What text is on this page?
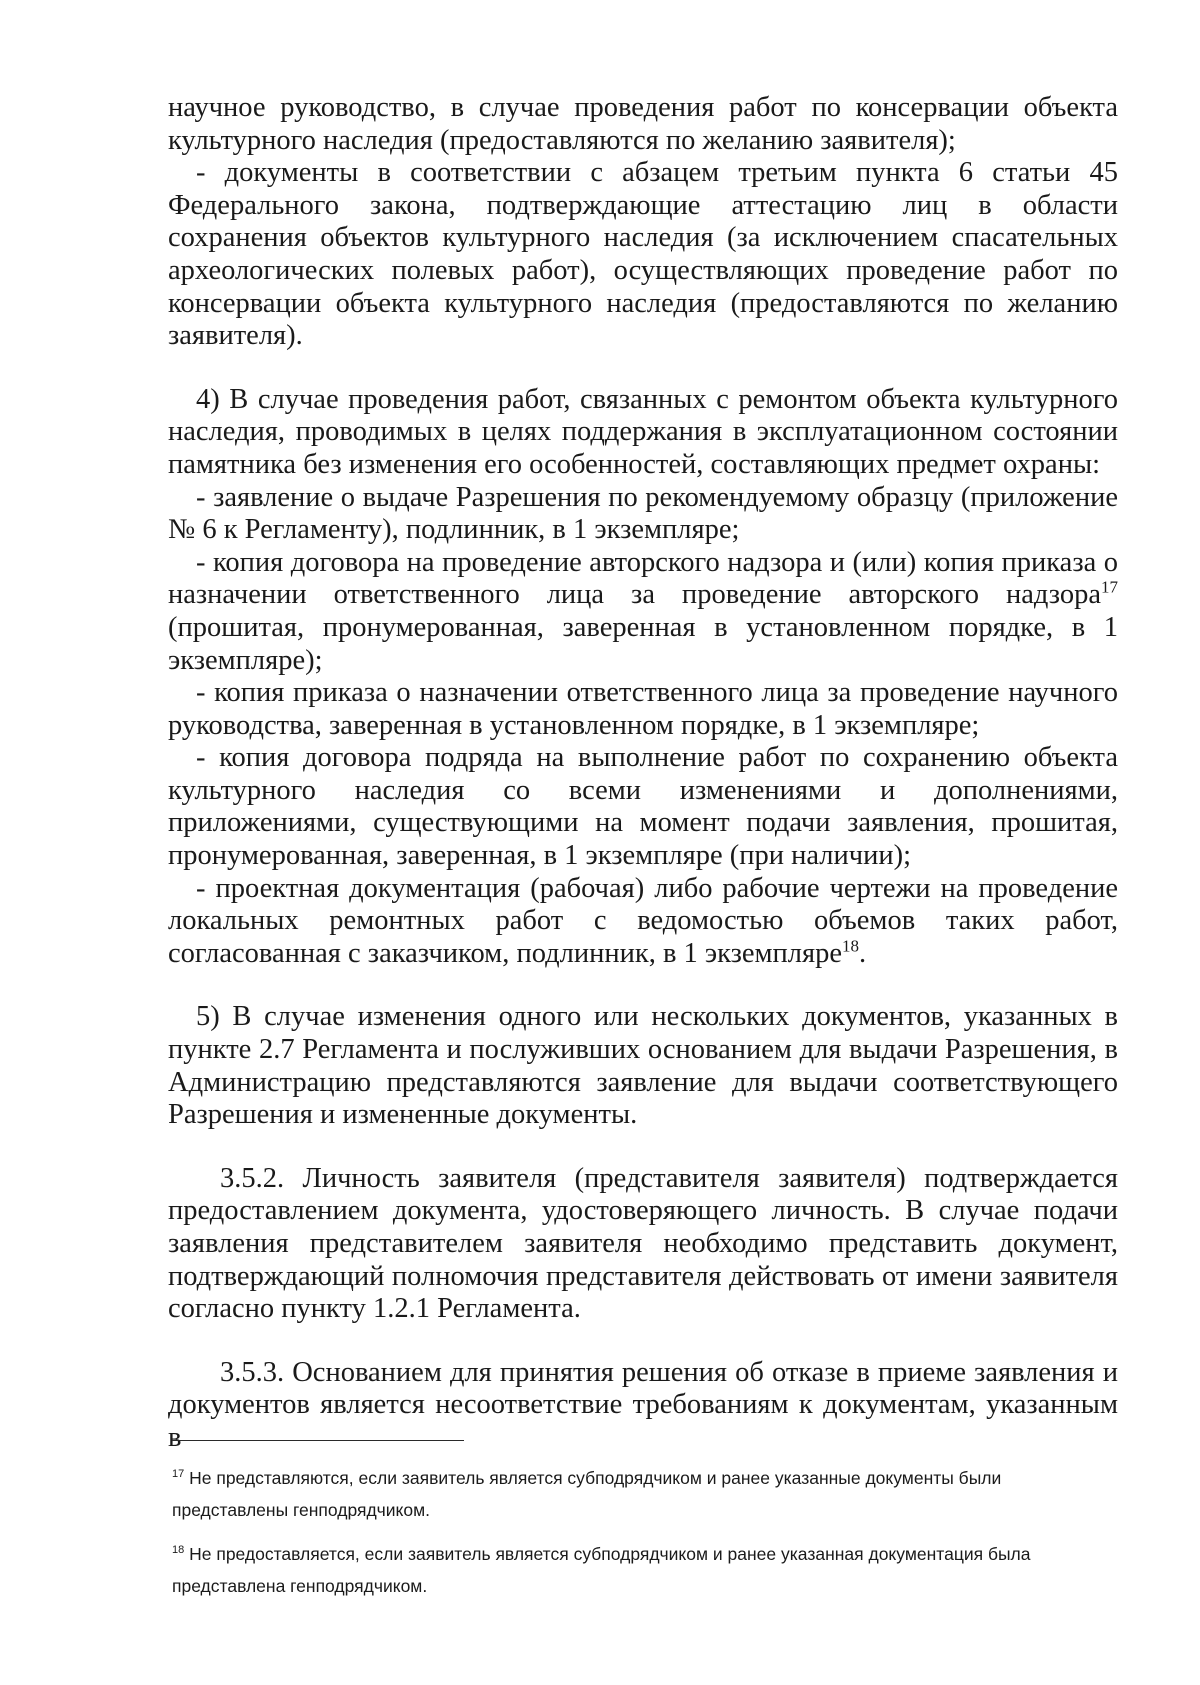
научное руководство, в случае проведения работ по консервации объекта культурного наследия (предоставляются по желанию заявителя);

- документы в соответствии с абзацем третьим пункта 6 статьи 45 Федерального закона, подтверждающие аттестацию лиц в области сохранения объектов культурного наследия (за исключением спасательных археологических полевых работ), осуществляющих проведение работ по консервации объекта культурного наследия (предоставляются по желанию заявителя).

4) В случае проведения работ, связанных с ремонтом объекта культурного наследия, проводимых в целях поддержания в эксплуатационном состоянии памятника без изменения его особенностей, составляющих предмет охраны:

- заявление о выдаче Разрешения по рекомендуемому образцу (приложение № 6 к Регламенту), подлинник, в 1 экземпляре;

- копия договора на проведение авторского надзора и (или) копия приказа о назначении ответственного лица за проведение авторского надзора$^{17}$ (прошитая, пронумерованная, заверенная в установленном порядке, в 1 экземпляре);

- копия приказа о назначении ответственного лица за проведение научного руководства, заверенная в установленном порядке, в 1 экземпляре;

- копия договора подряда на выполнение работ по сохранению объекта культурного наследия со всеми изменениями и дополнениями, приложениями, существующими на момент подачи заявления, прошитая, пронумерованная, заверенная, в 1 экземпляре (при наличии);

- проектная документация (рабочая) либо рабочие чертежи на проведение локальных ремонтных работ с ведомостью объемов таких работ, согласованная с заказчиком, подлинник, в 1 экземпляре$^{18}$.

5) В случае изменения одного или нескольких документов, указанных в пункте 2.7 Регламента и послуживших основанием для выдачи Разрешения, в Администрацию представляются заявление для выдачи соответствующего Разрешения и измененные документы.

3.5.2. Личность заявителя (представителя заявителя) подтверждается предоставлением документа, удостоверяющего личность. В случае подачи заявления представителем заявителя необходимо представить документ, подтверждающий полномочия представителя действовать от имени заявителя согласно пункту 1.2.1 Регламента.

3.5.3. Основанием для принятия решения об отказе в приеме заявления и документов является несоответствие требованиям к документам, указанным в

$^{17}$ Не представляются, если заявитель является субподрядчиком и ранее указанные документы были представлены генподрядчиком.

$^{18}$ Не предоставляется, если заявитель является субподрядчиком и ранее указанная документация была представлена генподрядчиком.
